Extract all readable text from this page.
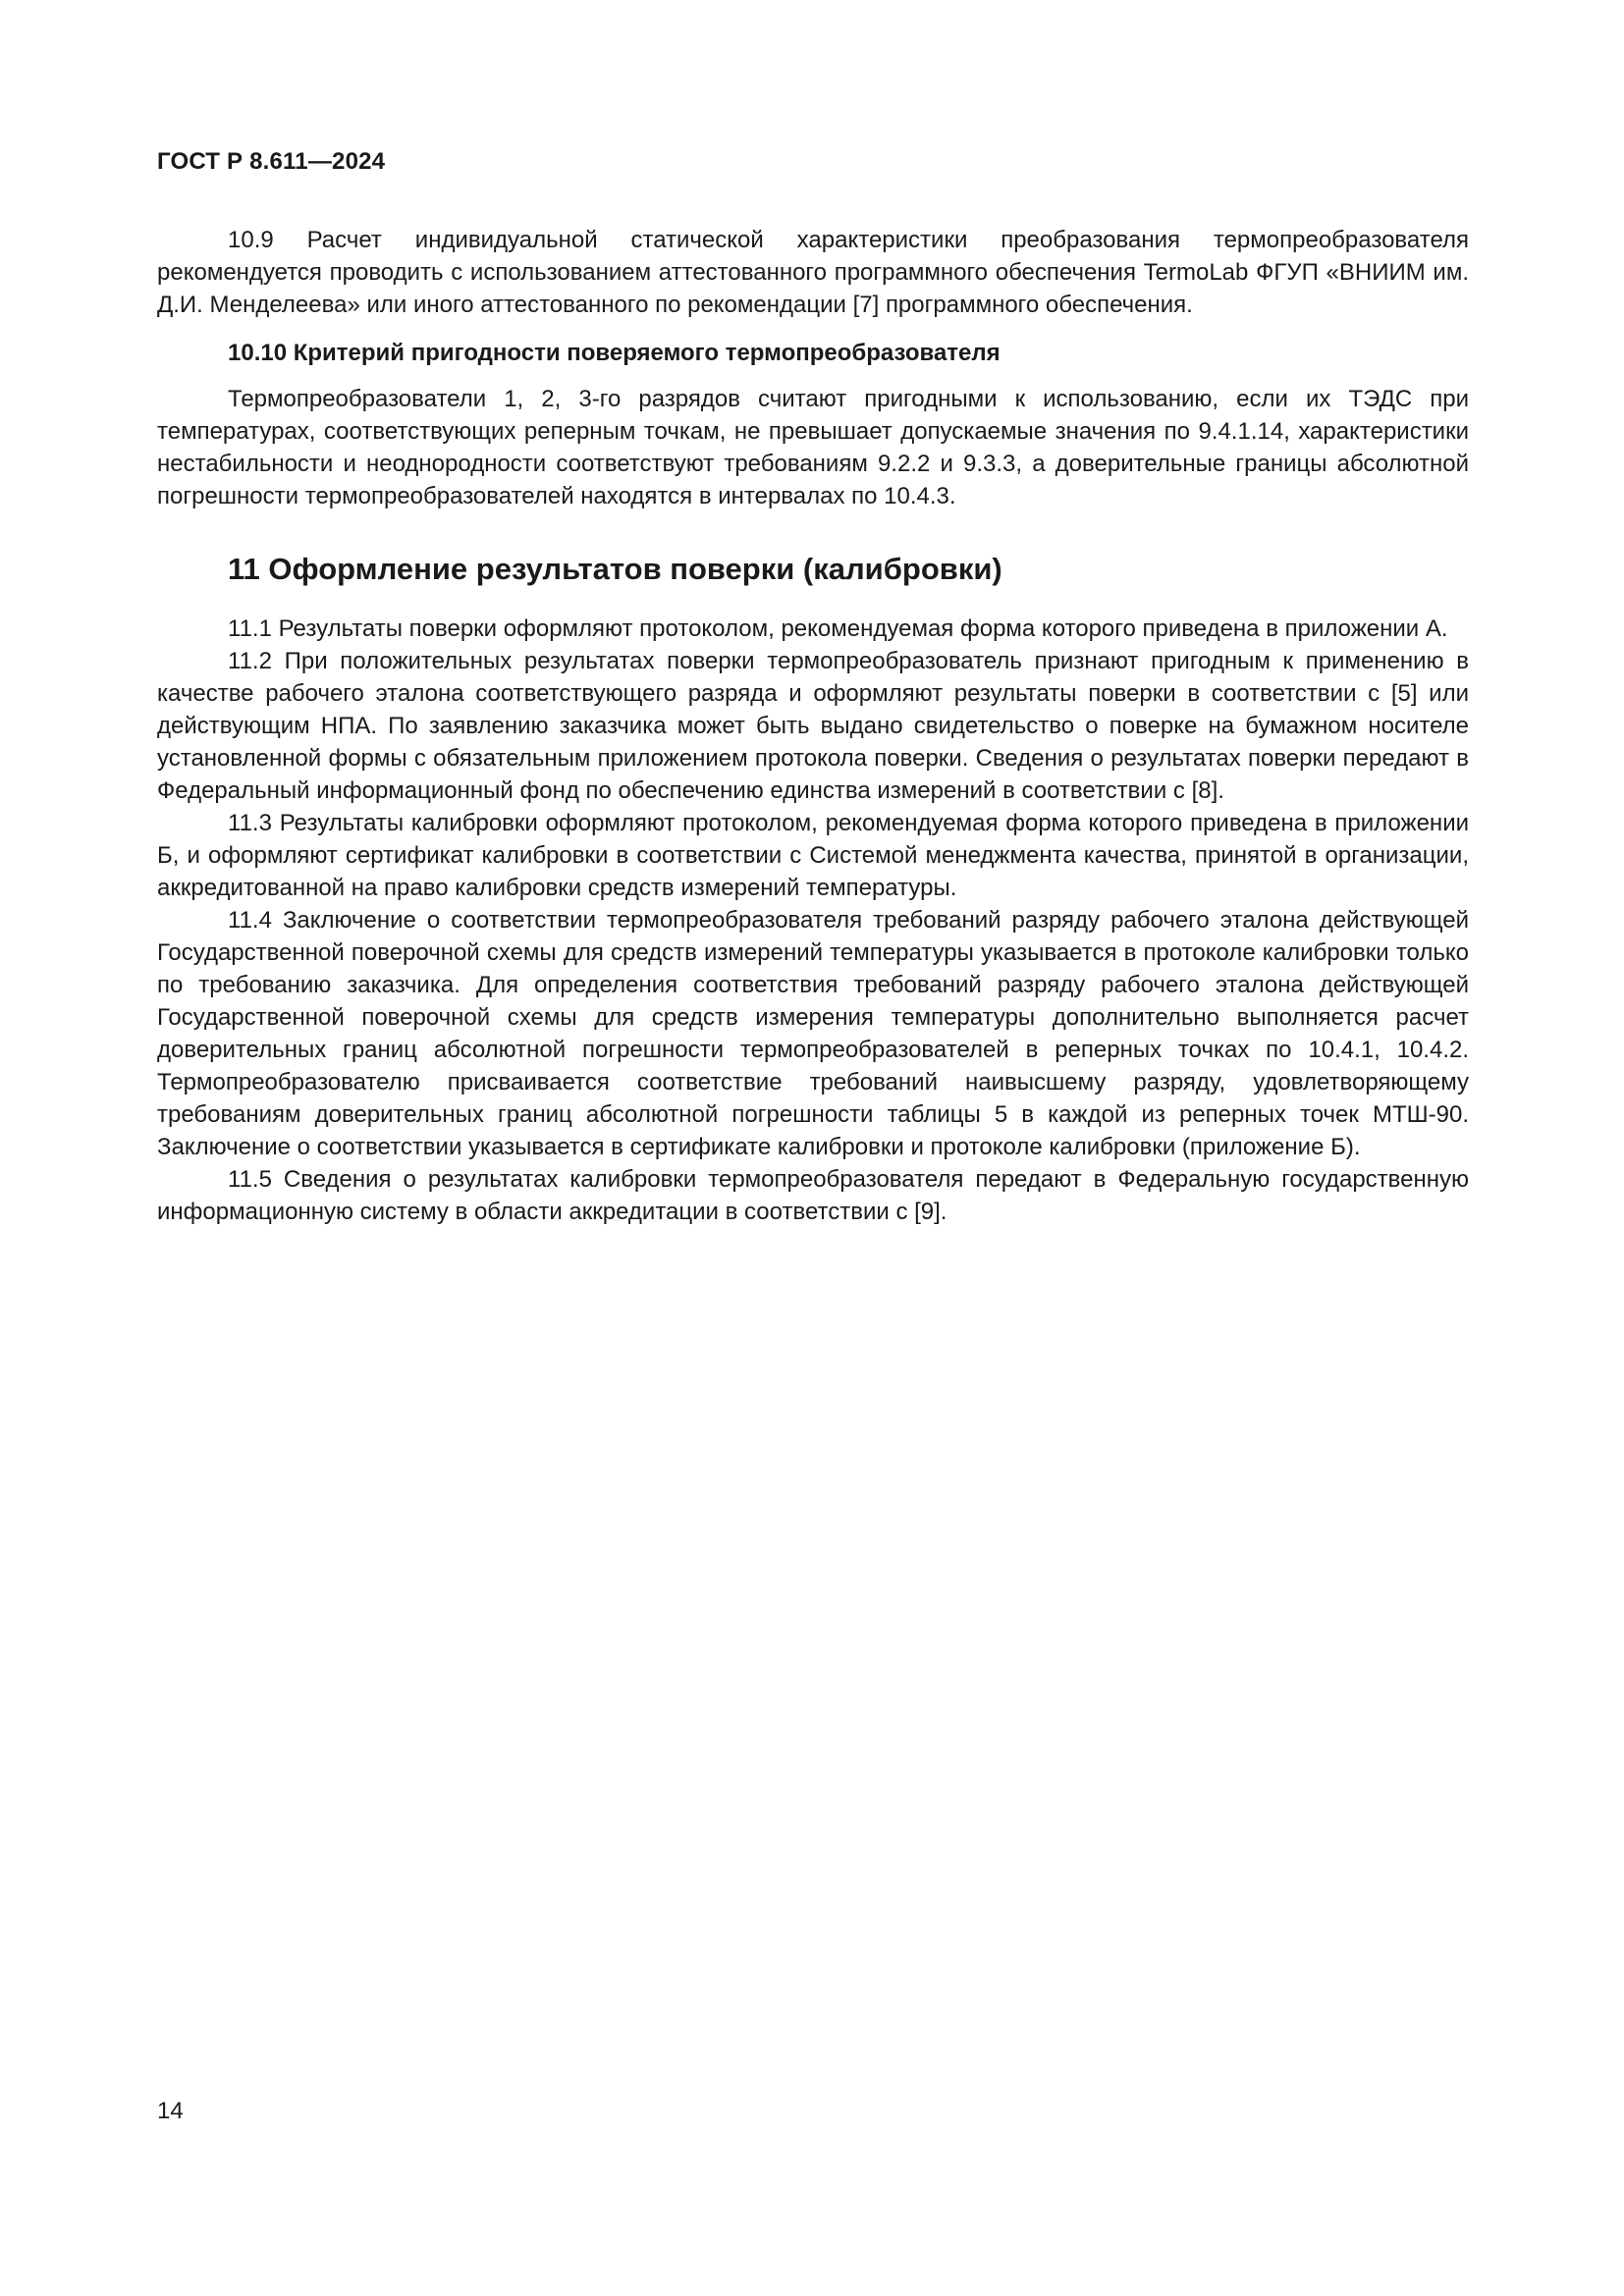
ГОСТ Р 8.611—2024

10.9 Расчет индивидуальной статической характеристики преобразования термопреобразователя рекомендуется проводить с использованием аттестованного программного обеспечения TermoLab ФГУП «ВНИИМ им. Д.И. Менделеева» или иного аттестованного по рекомендации [7] программного обеспечения.

10.10 Критерий пригодности поверяемого термопреобразователя

Термопреобразователи 1, 2, 3-го разрядов считают пригодными к использованию, если их ТЭДС при температурах, соответствующих реперным точкам, не превышает допускаемые значения по 9.4.1.14, характеристики нестабильности и неоднородности соответствуют требованиям 9.2.2 и 9.3.3, а доверительные границы абсолютной погрешности термопреобразователей находятся в интервалах по 10.4.3.

11 Оформление результатов поверки (калибровки)

11.1 Результаты поверки оформляют протоколом, рекомендуемая форма которого приведена в приложении А.

11.2 При положительных результатах поверки термопреобразователь признают пригодным к применению в качестве рабочего эталона соответствующего разряда и оформляют результаты поверки в соответствии с [5] или действующим НПА. По заявлению заказчика может быть выдано свидетельство о поверке на бумажном носителе установленной формы с обязательным приложением протокола поверки. Сведения о результатах поверки передают в Федеральный информационный фонд по обеспечению единства измерений в соответствии с [8].

11.3 Результаты калибровки оформляют протоколом, рекомендуемая форма которого приведена в приложении Б, и оформляют сертификат калибровки в соответствии с Системой менеджмента качества, принятой в организации, аккредитованной на право калибровки средств измерений температуры.

11.4 Заключение о соответствии термопреобразователя требований разряду рабочего эталона действующей Государственной поверочной схемы для средств измерений температуры указывается в протоколе калибровки только по требованию заказчика. Для определения соответствия требований разряду рабочего эталона действующей Государственной поверочной схемы для средств измерения температуры дополнительно выполняется расчет доверительных границ абсолютной погрешности термопреобразователей в реперных точках по 10.4.1, 10.4.2. Термопреобразователю присваивается соответствие требований наивысшему разряду, удовлетворяющему требованиям доверительных границ абсолютной погрешности таблицы 5 в каждой из реперных точек МТШ-90. Заключение о соответствии указывается в сертификате калибровки и протоколе калибровки (приложение Б).

11.5 Сведения о результатах калибровки термопреобразователя передают в Федеральную государственную информационную систему в области аккредитации в соответствии с [9].

14
